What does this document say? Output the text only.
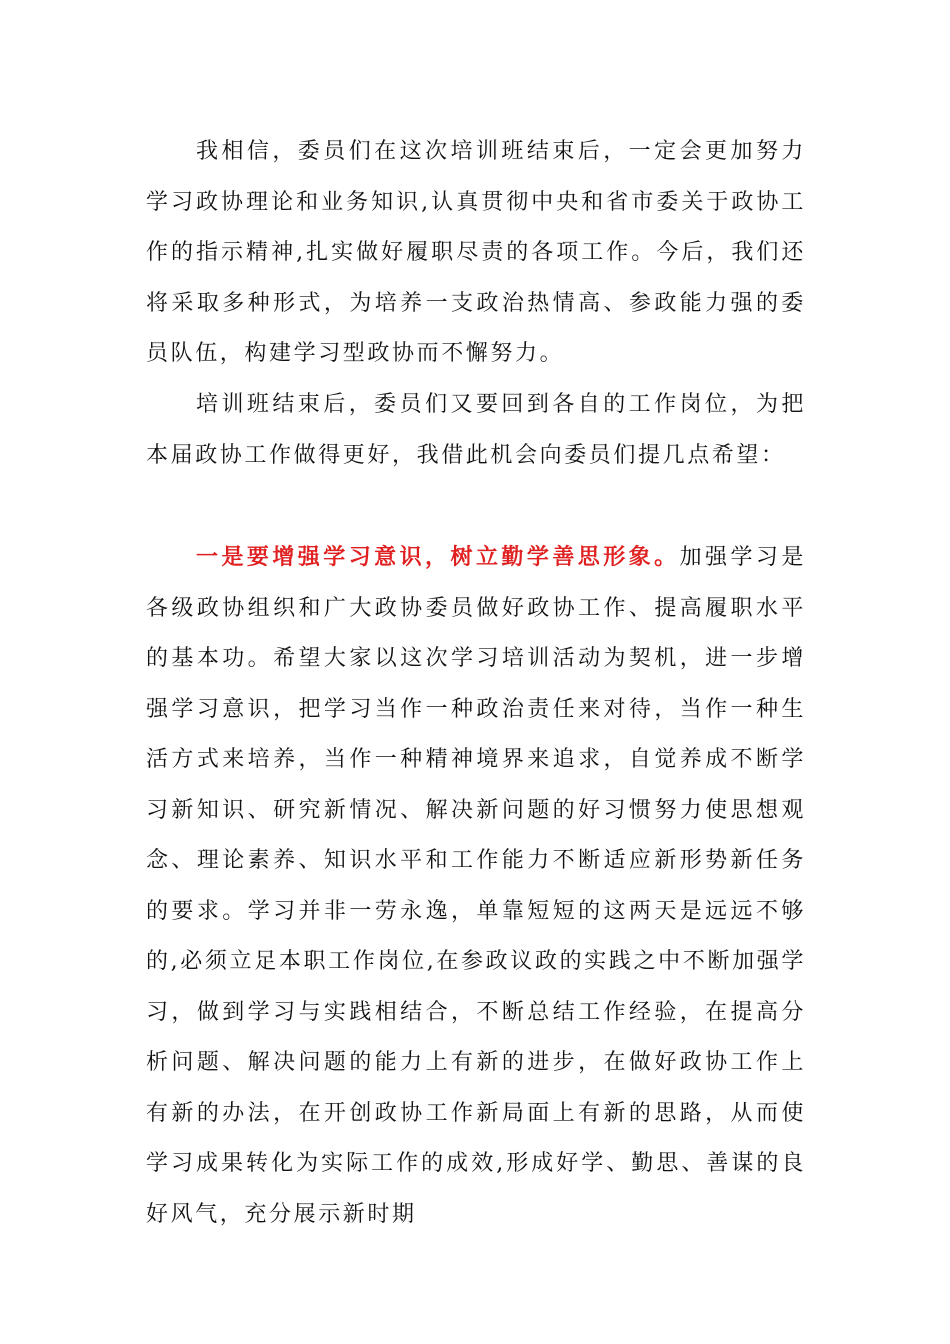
我相信，委员们在这次培训班结束后，一定会更加努力学习政协理论和业务知识,认真贯彻中央和省市委关于政协工作的指示精神,扎实做好履职尽责的各项工作。今后，我们还将采取多种形式，为培养一支政治热情高、参政能力强的委员队伍，构建学习型政协而不懈努力。

培训班结束后，委员们又要回到各自的工作岗位，为把本届政协工作做得更好，我借此机会向委员们提几点希望：

一是要增强学习意识，树立勤学善思形象。加强学习是各级政协组织和广大政协委员做好政协工作、提高履职水平的基本功。希望大家以这次学习培训活动为契机，进一步增强学习意识，把学习当作一种政治责任来对待，当作一种生活方式来培养，当作一种精神境界来追求，自觉养成不断学习新知识、研究新情况、解决新问题的好习惯努力使思想观念、理论素养、知识水平和工作能力不断适应新形势新任务的要求。学习并非一劳永逸，单靠短短的这两天是远远不够的,必须立足本职工作岗位,在参政议政的实践之中不断加强学习，做到学习与实践相结合，不断总结工作经验，在提高分析问题、解决问题的能力上有新的进步，在做好政协工作上有新的办法，在开创政协工作新局面上有新的思路，从而使学习成果转化为实际工作的成效,形成好学、勤思、善谋的良好风气，充分展示新时期
